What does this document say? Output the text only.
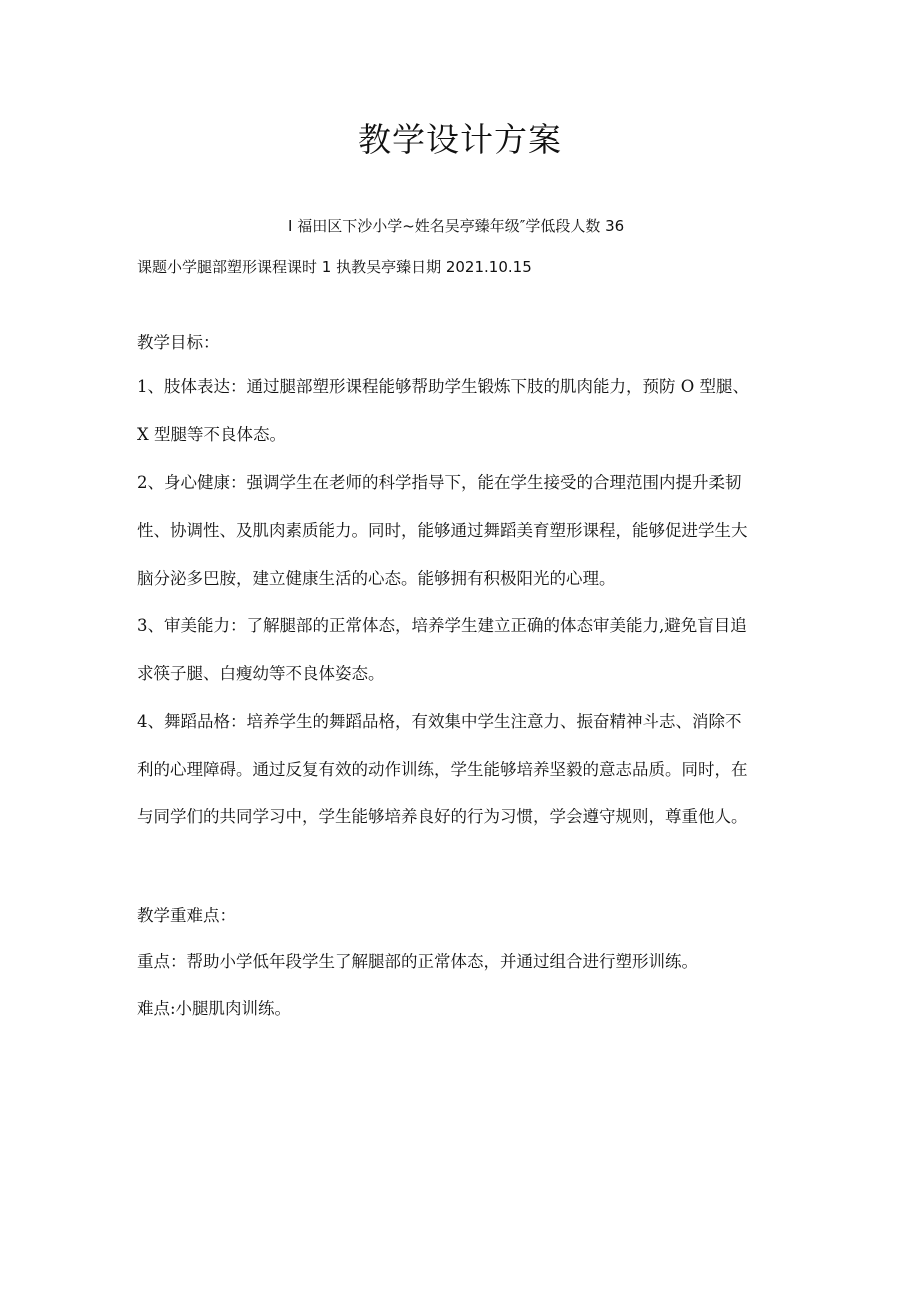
教学设计方案
I 福田区下沙小学~姓名吴亭臻年级″学低段人数 36
课题小学腿部塑形课程课时 1 执教吴亭臻日期 2021.10.15
教学目标：
1、肢体表达：通过腿部塑形课程能够帮助学生锻炼下肢的肌肉能力，预防 O 型腿、
X 型腿等不良体态。
2、身心健康：强调学生在老师的科学指导下，能在学生接受的合理范围内提升柔韧
性、协调性、及肌肉素质能力。同时，能够通过舞蹈美育塑形课程，能够促进学生大
脑分泌多巴胺，建立健康生活的心态。能够拥有积极阳光的心理。
3、审美能力：了解腿部的正常体态，培养学生建立正确的体态审美能力,避免盲目追
求筷子腿、白瘦幼等不良体姿态。
4、舞蹈品格：培养学生的舞蹈品格，有效集中学生注意力、振奋精神斗志、消除不
利的心理障碍。通过反复有效的动作训练，学生能够培养坚毅的意志品质。同时，在
与同学们的共同学习中，学生能够培养良好的行为习惯，学会遵守规则，尊重他人。
教学重难点：
重点：帮助小学低年段学生了解腿部的正常体态，并通过组合进行塑形训练。
难点:小腿肌肉训练。
